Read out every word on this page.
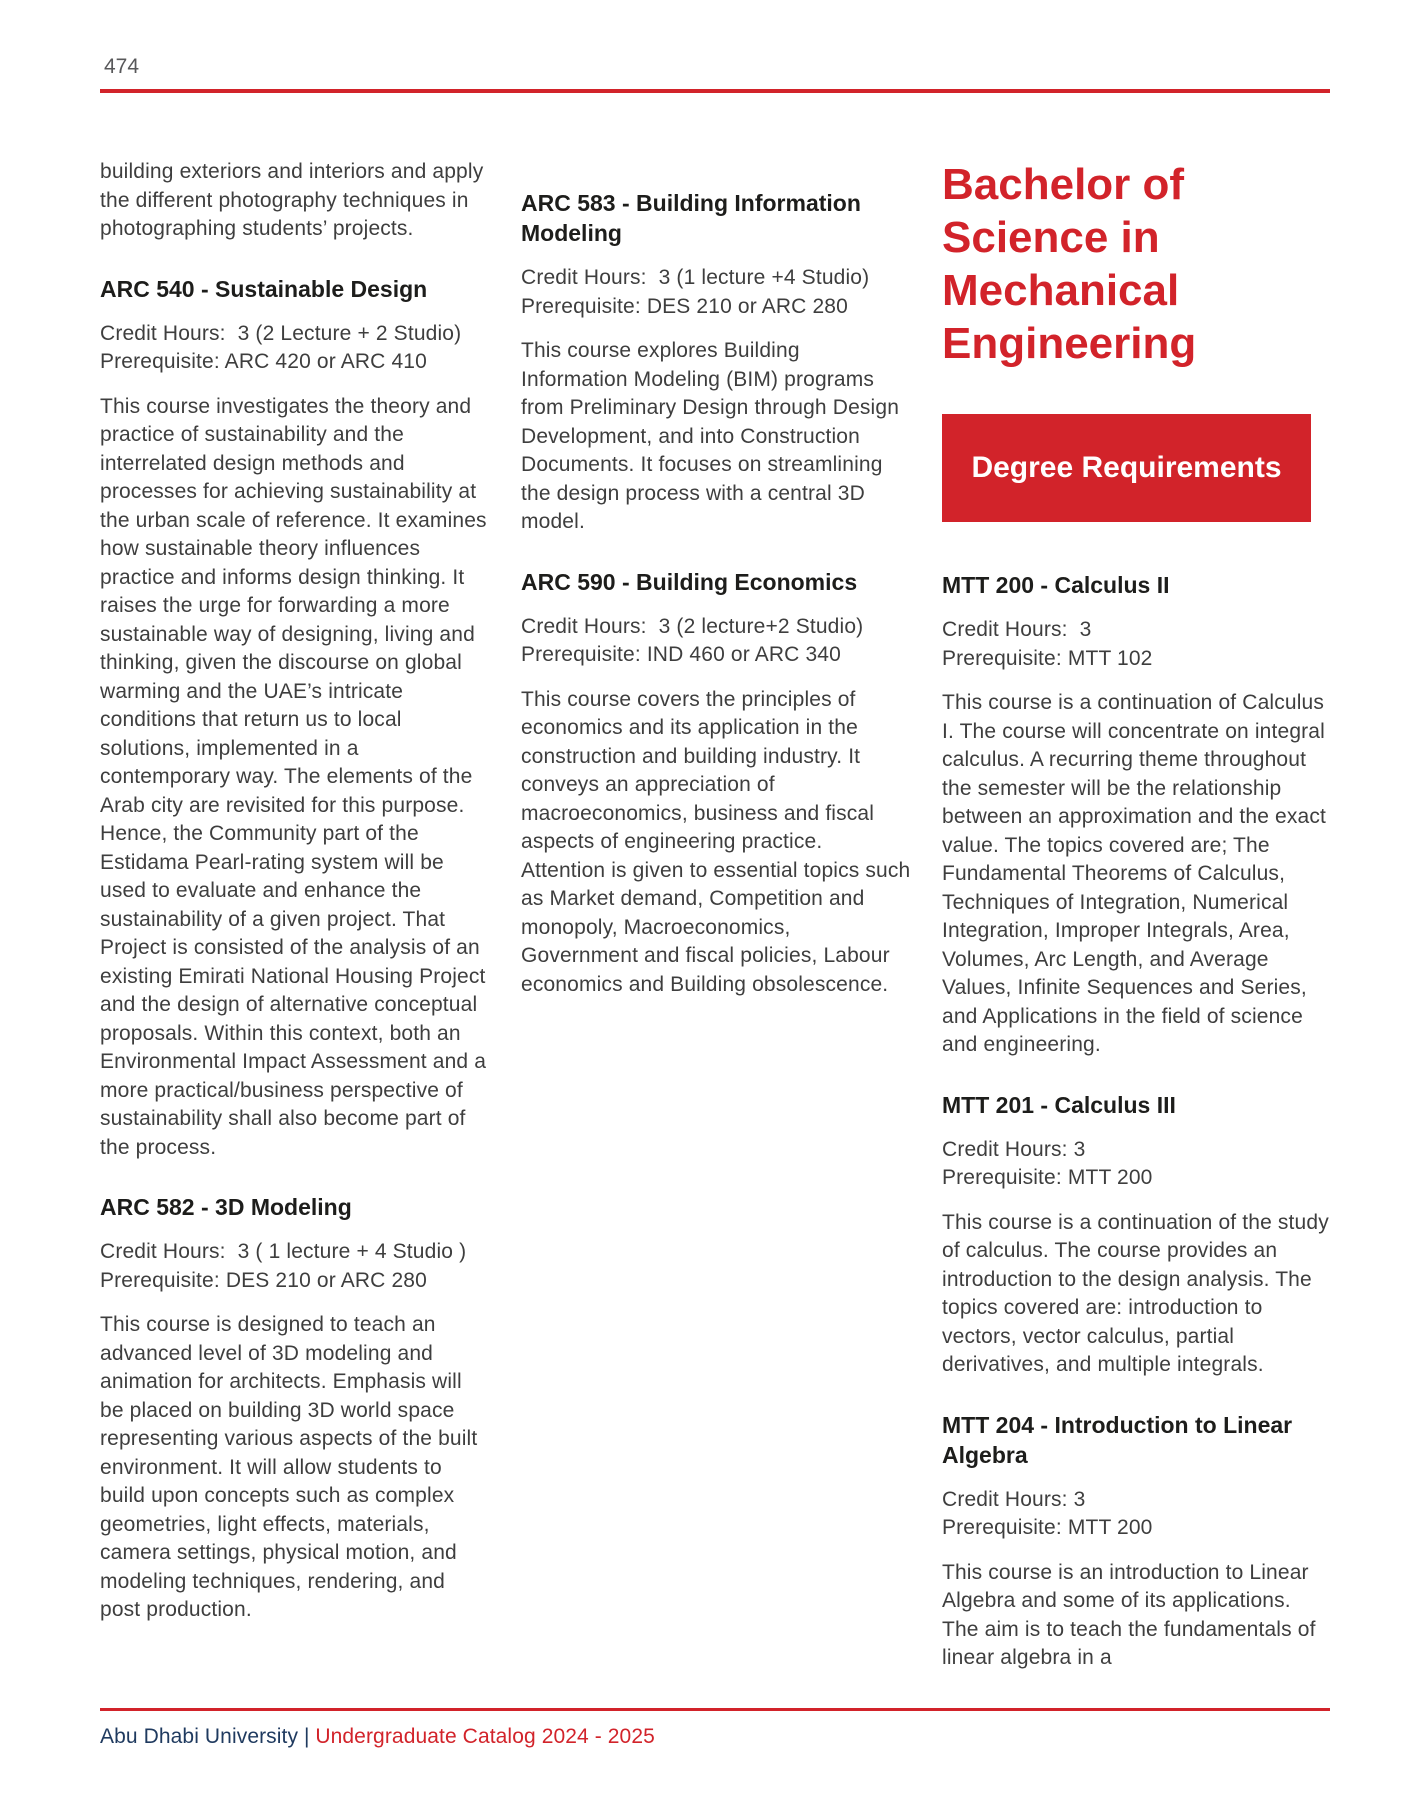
474

building exteriors and interiors and apply the different photography techniques in photographing students’ projects.

ARC 540 - Sustainable Design
Credit Hours:  3 (2 Lecture + 2 Studio)
Prerequisite: ARC 420 or ARC 410

This course investigates the theory and practice of sustainability and the interrelated design methods and processes for achieving sustainability at the urban scale of reference. It examines how sustainable theory influences practice and informs design thinking. It raises the urge for forwarding a more sustainable way of designing, living and thinking, given the discourse on global warming and the UAE’s intricate conditions that return us to local solutions, implemented in a contemporary way. The elements of the Arab city are revisited for this purpose. Hence, the Community part of the Estidama Pearl-rating system will be used to evaluate and enhance the sustainability of a given project. That Project is consisted of the analysis of an existing Emirati National Housing Project and the design of alternative conceptual proposals. Within this context, both an Environmental Impact Assessment and a more practical/business perspective of sustainability shall also become part of the process.

ARC 582 - 3D Modeling
Credit Hours:  3 ( 1 lecture + 4 Studio )
Prerequisite: DES 210 or ARC 280

This course is designed to teach an advanced level of 3D modeling and animation for architects. Emphasis will be placed on building 3D world space representing various aspects of the built environment. It will allow students to build upon concepts such as complex geometries, light effects, materials, camera settings, physical motion, and modeling techniques, rendering, and post production.

ARC 583 - Building Information Modeling
Credit Hours:  3 (1 lecture +4 Studio)
Prerequisite: DES 210 or ARC 280

This course explores Building Information Modeling (BIM) programs from Preliminary Design through Design Development, and into Construction Documents. It focuses on streamlining the design process with a central 3D model.

ARC 590 - Building Economics
Credit Hours:  3 (2 lecture+2 Studio)
Prerequisite: IND 460 or ARC 340

This course covers the principles of economics and its application in the construction and building industry. It conveys an appreciation of macroeconomics, business and fiscal aspects of engineering practice. Attention is given to essential topics such as Market demand, Competition and monopoly, Macroeconomics, Government and fiscal policies, Labour economics and Building obsolescence.

Bachelor of Science in Mechanical Engineering
Degree Requirements
MTT 200 - Calculus II
Credit Hours:  3
Prerequisite: MTT 102

This course is a continuation of Calculus I. The course will concentrate on integral calculus. A recurring theme throughout the semester will be the relationship between an approximation and the exact value. The topics covered are; The Fundamental Theorems of Calculus, Techniques of Integration, Numerical Integration, Improper Integrals, Area, Volumes, Arc Length, and Average Values, Infinite Sequences and Series, and Applications in the field of science and engineering.

MTT 201 - Calculus III
Credit Hours: 3
Prerequisite: MTT 200

This course is a continuation of the study of calculus. The course provides an introduction to the design analysis. The topics covered are: introduction to vectors, vector calculus, partial derivatives, and multiple integrals.

MTT 204 - Introduction to Linear Algebra
Credit Hours: 3
Prerequisite: MTT 200

This course is an introduction to Linear Algebra and some of its applications. The aim is to teach the fundamentals of linear algebra in a

Abu Dhabi University | Undergraduate Catalog 2024 - 2025
